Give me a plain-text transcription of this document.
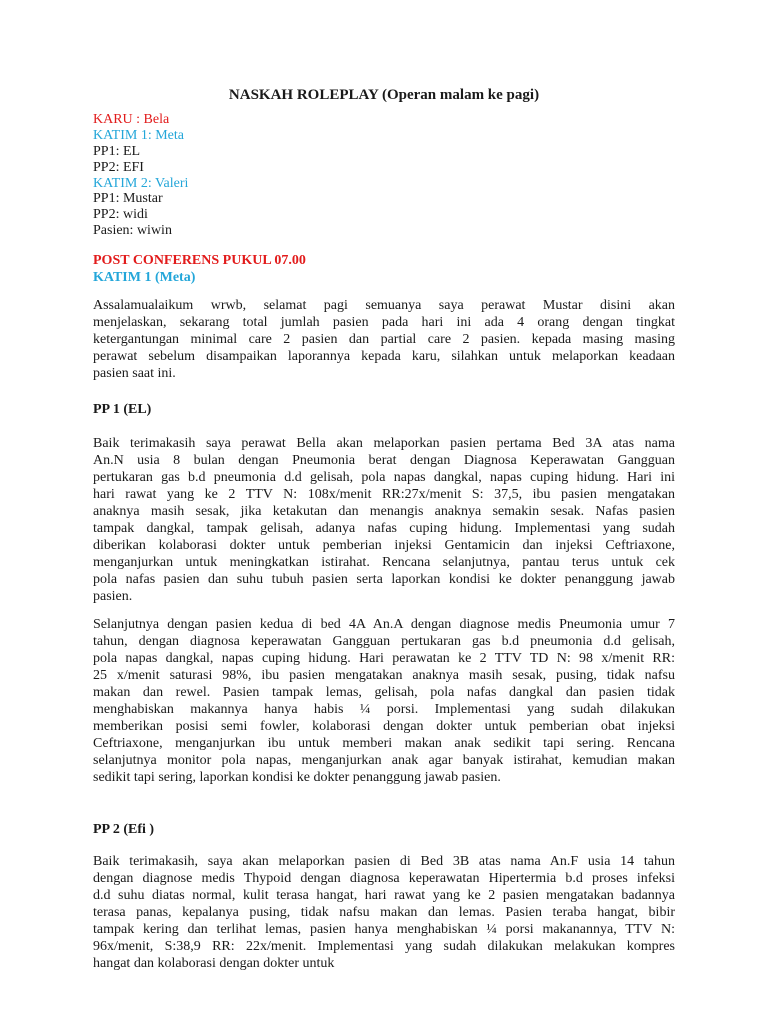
NASKAH ROLEPLAY (Operan malam ke pagi)
KARU : Bela
KATIM 1: Meta
PP1: EL
PP2: EFI
KATIM 2: Valeri
PP1: Mustar
PP2: widi
Pasien: wiwin
POST CONFERENS PUKUL 07.00
KATIM 1 (Meta)
Assalamualaikum wrwb, selamat pagi semuanya saya perawat Mustar disini akan
menjelaskan, sekarang total jumlah pasien pada hari ini ada 4 orang dengan tingkat
ketergantungan minimal care 2 pasien dan partial care 2 pasien. kepada masing masing
perawat sebelum disampaikan laporannya kepada karu, silahkan untuk melaporkan keadaan
pasien saat ini.
PP 1 (EL)
Baik terimakasih saya perawat Bella akan melaporkan pasien pertama Bed 3A atas nama
An.N usia 8 bulan dengan Pneumonia berat dengan Diagnosa Keperawatan Gangguan
pertukaran gas b.d pneumonia d.d gelisah, pola napas dangkal, napas cuping hidung. Hari ini
hari rawat yang ke 2 TTV N: 108x/menit RR:27x/menit S: 37,5, ibu pasien mengatakan
anaknya masih sesak, jika ketakutan dan menangis anaknya semakin sesak. Nafas pasien
tampak dangkal, tampak gelisah, adanya nafas cuping hidung. Implementasi yang sudah
diberikan kolaborasi dokter untuk pemberian injeksi Gentamicin dan injeksi Ceftriaxone,
menganjurkan untuk meningkatkan istirahat. Rencana selanjutnya, pantau terus untuk cek
pola nafas pasien dan suhu tubuh pasien serta laporkan kondisi ke dokter penanggung jawab
pasien.
Selanjutnya dengan pasien kedua di bed 4A An.A dengan diagnose medis Pneumonia umur 7
tahun, dengan diagnosa keperawatan Gangguan pertukaran gas b.d pneumonia d.d gelisah,
pola napas dangkal, napas cuping hidung. Hari perawatan ke 2 TTV TD N: 98 x/menit RR:
25 x/menit saturasi 98%, ibu pasien mengatakan anaknya masih sesak, pusing, tidak nafsu
makan dan rewel. Pasien tampak lemas, gelisah, pola nafas dangkal dan pasien tidak
menghabiskan makannya hanya habis ¼ porsi. Implementasi yang sudah dilakukan
memberikan posisi semi fowler, kolaborasi dengan dokter untuk pemberian obat injeksi
Ceftriaxone, menganjurkan ibu untuk memberi makan anak sedikit tapi sering. Rencana
selanjutnya monitor pola napas, menganjurkan anak agar banyak istirahat, kemudian makan
sedikit tapi sering, laporkan kondisi ke dokter penanggung jawab pasien.
PP 2 (Efi )
Baik terimakasih, saya akan melaporkan pasien di Bed 3B atas nama An.F usia 14 tahun
dengan diagnose medis Thypoid dengan diagnosa keperawatan Hipertermia b.d proses infeksi
d.d suhu diatas normal, kulit terasa hangat, hari rawat yang ke 2 pasien mengatakan badannya
terasa panas, kepalanya pusing, tidak nafsu makan dan lemas. Pasien teraba hangat, bibir
tampak kering dan terlihat lemas, pasien hanya menghabiskan ¼ porsi makanannya, TTV N:
96x/menit, S:38,9 RR: 22x/menit. Implementasi yang sudah dilakukan melakukan kompres
hangat dan kolaborasi dengan dokter untuk
